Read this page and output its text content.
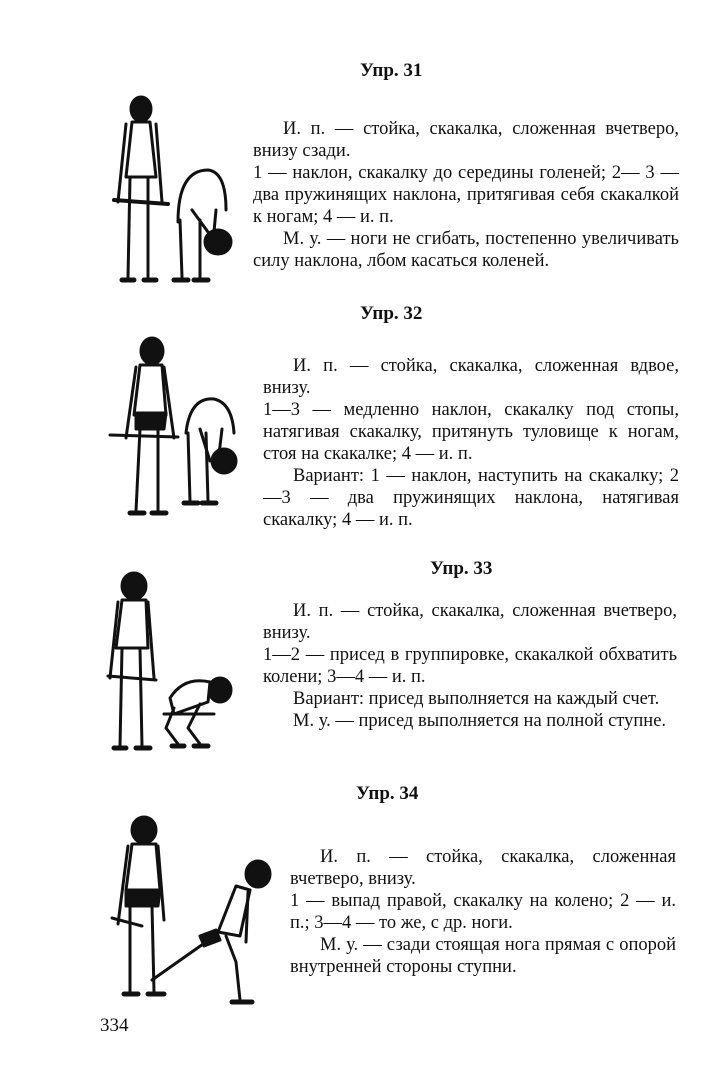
Упр. 31

И. п. — стойка, скакалка, сложенная вчетверо, внизу сзади.

1 — наклон, скакалку до середины голеней; 2— 3 — два пружинящих наклона, притягивая себя скакалкой к ногам; 4 — и. п.

М. у. — ноги не сгибать, постепенно увеличивать силу наклона, лбом касаться коленей.

Упр. 32

И. п. — стойка, скакалка, сложенная вдвое, внизу.

1—3 — медленно наклон, скакалку под стопы, натягивая скакалку, притянуть туловище к ногам, стоя на скакалке; 4 — и. п.

Вариант: 1 — наклон, наступить на скакалку; 2—3 — два пружинящих наклона, натягивая скакалку; 4 — и. п.

Упр. 33

И. п. — стойка, скакалка, сложенная вчетверо, внизу.

1—2 — присед в группировке, скакалкой обхватить колени; 3—4 — и. п.

Вариант: присед выполняется на каждый счет.

М. у. — присед выполняется на полной ступне.

Упр. 34

И. п. — стойка, скакалка, сложенная вчетверо, внизу.

1 — выпад правой, скакалку на колено; 2 — и. п.; 3—4 — то же, с др. ноги.

М. у. — сзади стоящая нога прямая с опорой внутренней стороны ступни.

334
